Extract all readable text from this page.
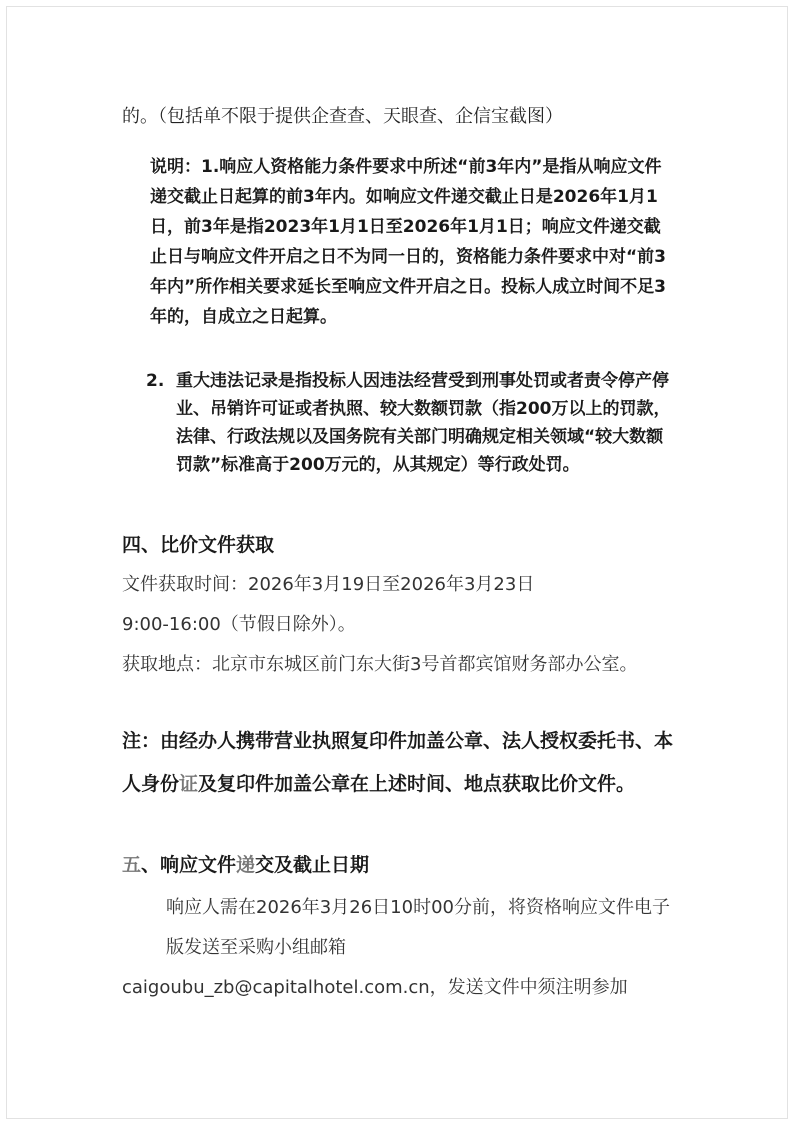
的。（包括单不限于提供企查查、天眼查、企信宝截图）
说明：1.响应人资格能力条件要求中所述“前3年内”是指从响应文件递交截止日起算的前3年内。如响应文件递交截止日是2026年1月1日，前3年是指2023年1月1日至2026年1月1日；响应文件递交截止日与响应文件开启之日不为同一日的，资格能力条件要求中对“前3年内”所作相关要求延长至响应文件开启之日。投标人成立时间不足3年的，自成立之日起算。
2. 重大违法记录是指投标人因违法经营受到刑事处罚或者责令停产停业、吊销许可证或者执照、较大数额罚款（指200万以上的罚款，法律、行政法规以及国务院有关部门明确规定相关领域“较大数额罚款”标准高于200万元的，从其规定）等行政处罚。
四、比价文件获取
文件获取时间：2026年3月19日至2026年3月23日
9:00-16:00（节假日除外）。
获取地点：北京市东城区前门东大街3号首都宾馆财务部办公室。
注：由经办人携带营业执照复印件加盖公章、法人授权委托书、本人身份证及复印件加盖公章在上述时间、地点获取比价文件。
五、响应文件递交及截止日期
响应人需在2026年3月26日10时00分前，将资格响应文件电子版发送至采购小组邮箱
caigoubu_zb@capitalhotel.com.cn，发送文件中须注明参加
